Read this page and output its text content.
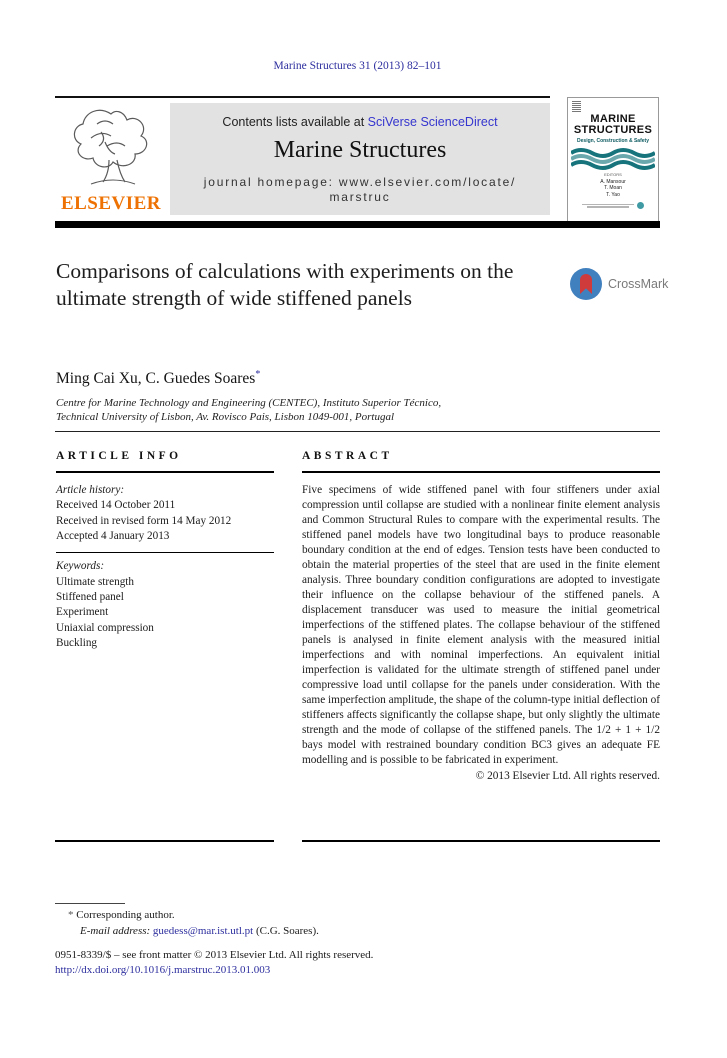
Marine Structures 31 (2013) 82–101
ELSEVIER
Contents lists available at SciVerse ScienceDirect
Marine Structures
journal homepage: www.elsevier.com/locate/
marstruc
MARINE
STRUCTURES
Design, Construction & Safety
EDITORS
A. Mansour
T. Moan
T. Yao
Comparisons of calculations with experiments on the ultimate strength of wide stiffened panels
CrossMark
Ming Cai Xu, C. Guedes Soares*
Centre for Marine Technology and Engineering (CENTEC), Instituto Superior Técnico,
Technical University of Lisbon, Av. Rovisco Pais, Lisbon 1049-001, Portugal
ARTICLE INFO
Article history:
Received 14 October 2011
Received in revised form 14 May 2012
Accepted 4 January 2013
Keywords:
Ultimate strength
Stiffened panel
Experiment
Uniaxial compression
Buckling
ABSTRACT

Five specimens of wide stiffened panel with four stiffeners under axial compression until collapse are studied with a nonlinear finite element analysis and Common Structural Rules to compare with the experimental results. The stiffened panel models have two longitudinal bays to produce reasonable boundary condition at the end of edges. Tension tests have been conducted to obtain the material properties of the steel that are used in the finite element analysis. Three boundary condition configurations are adopted to investigate their influence on the collapse behaviour of the stiffened panels. A displacement transducer was used to measure the initial geometrical imperfections of the stiffened plates. The collapse behaviour of the stiffened panels is analysed in finite element analysis with the measured initial imperfections and with nominal imperfections. An equivalent initial imperfection is validated for the ultimate strength of stiffened panel under compressive load until collapse for the panels under consideration. With the same imperfection amplitude, the shape of the column-type initial deflection of stiffeners affects significantly the collapse shape, but only slightly the ultimate strength and the mode of collapse of the stiffened panels. The 1/2 + 1 + 1/2 bays model with restrained boundary condition BC3 gives an adequate FE modelling and is possible to be fabricated in experiment.

© 2013 Elsevier Ltd. All rights reserved.
* Corresponding author.
E-mail address: guedess@mar.ist.utl.pt (C.G. Soares).
0951-8339/$ – see front matter © 2013 Elsevier Ltd. All rights reserved.
http://dx.doi.org/10.1016/j.marstruc.2013.01.003
